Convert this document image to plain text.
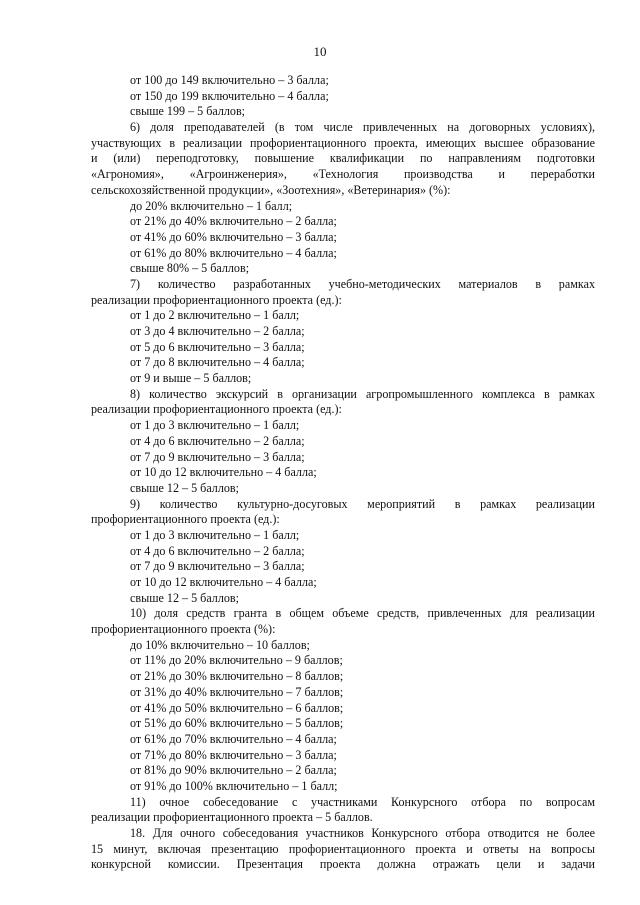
10
от 100 до 149 включительно – 3 балла;
от 150 до 199 включительно – 4 балла;
свыше 199 – 5 баллов;
6) доля преподавателей (в том числе привлеченных на договорных условиях),
участвующих в реализации профориентационного проекта, имеющих высшее образование
и (или) переподготовку, повышение квалификации по направлениям подготовки
«Агрономия», «Агроинженерия», «Технология производства и переработки
сельскохозяйственной продукции», «Зоотехния», «Ветеринария» (%):
до 20% включительно – 1 балл;
от 21% до 40% включительно – 2 балла;
от 41% до 60% включительно – 3 балла;
от 61% до 80% включительно – 4 балла;
свыше 80% – 5 баллов;
7) количество разработанных учебно-методических материалов в рамках
реализации профориентационного проекта (ед.):
от 1 до 2 включительно – 1 балл;
от 3 до 4 включительно – 2 балла;
от 5 до 6 включительно – 3 балла;
от 7 до 8 включительно – 4 балла;
от 9 и выше – 5 баллов;
8) количество экскурсий в организации агропромышленного комплекса в рамках
реализации профориентационного проекта (ед.):
от 1 до 3 включительно – 1 балл;
от 4 до 6 включительно – 2 балла;
от 7 до 9 включительно – 3 балла;
от 10 до 12 включительно – 4 балла;
свыше 12 – 5 баллов;
9) количество культурно-досуговых мероприятий в рамках реализации
профориентационного проекта (ед.):
от 1 до 3 включительно – 1 балл;
от 4 до 6 включительно – 2 балла;
от 7 до 9 включительно – 3 балла;
от 10 до 12 включительно – 4 балла;
свыше 12 – 5 баллов;
10) доля средств гранта в общем объеме средств, привлеченных для реализации
профориентационного проекта (%):
до 10% включительно – 10 баллов;
от 11% до 20% включительно – 9 баллов;
от 21% до 30% включительно – 8 баллов;
от 31% до 40% включительно – 7 баллов;
от 41% до 50% включительно – 6 баллов;
от 51% до 60% включительно – 5 баллов;
от 61% до 70% включительно – 4 балла;
от 71% до 80% включительно – 3 балла;
от 81% до 90% включительно – 2 балла;
от 91% до 100% включительно – 1 балл;
11) очное собеседование с участниками Конкурсного отбора по вопросам
реализации профориентационного проекта – 5 баллов.
18. Для очного собеседования участников Конкурсного отбора отводится не более
15 минут, включая презентацию профориентационного проекта и ответы на вопросы
конкурсной комиссии. Презентация проекта должна отражать цели и задачи
